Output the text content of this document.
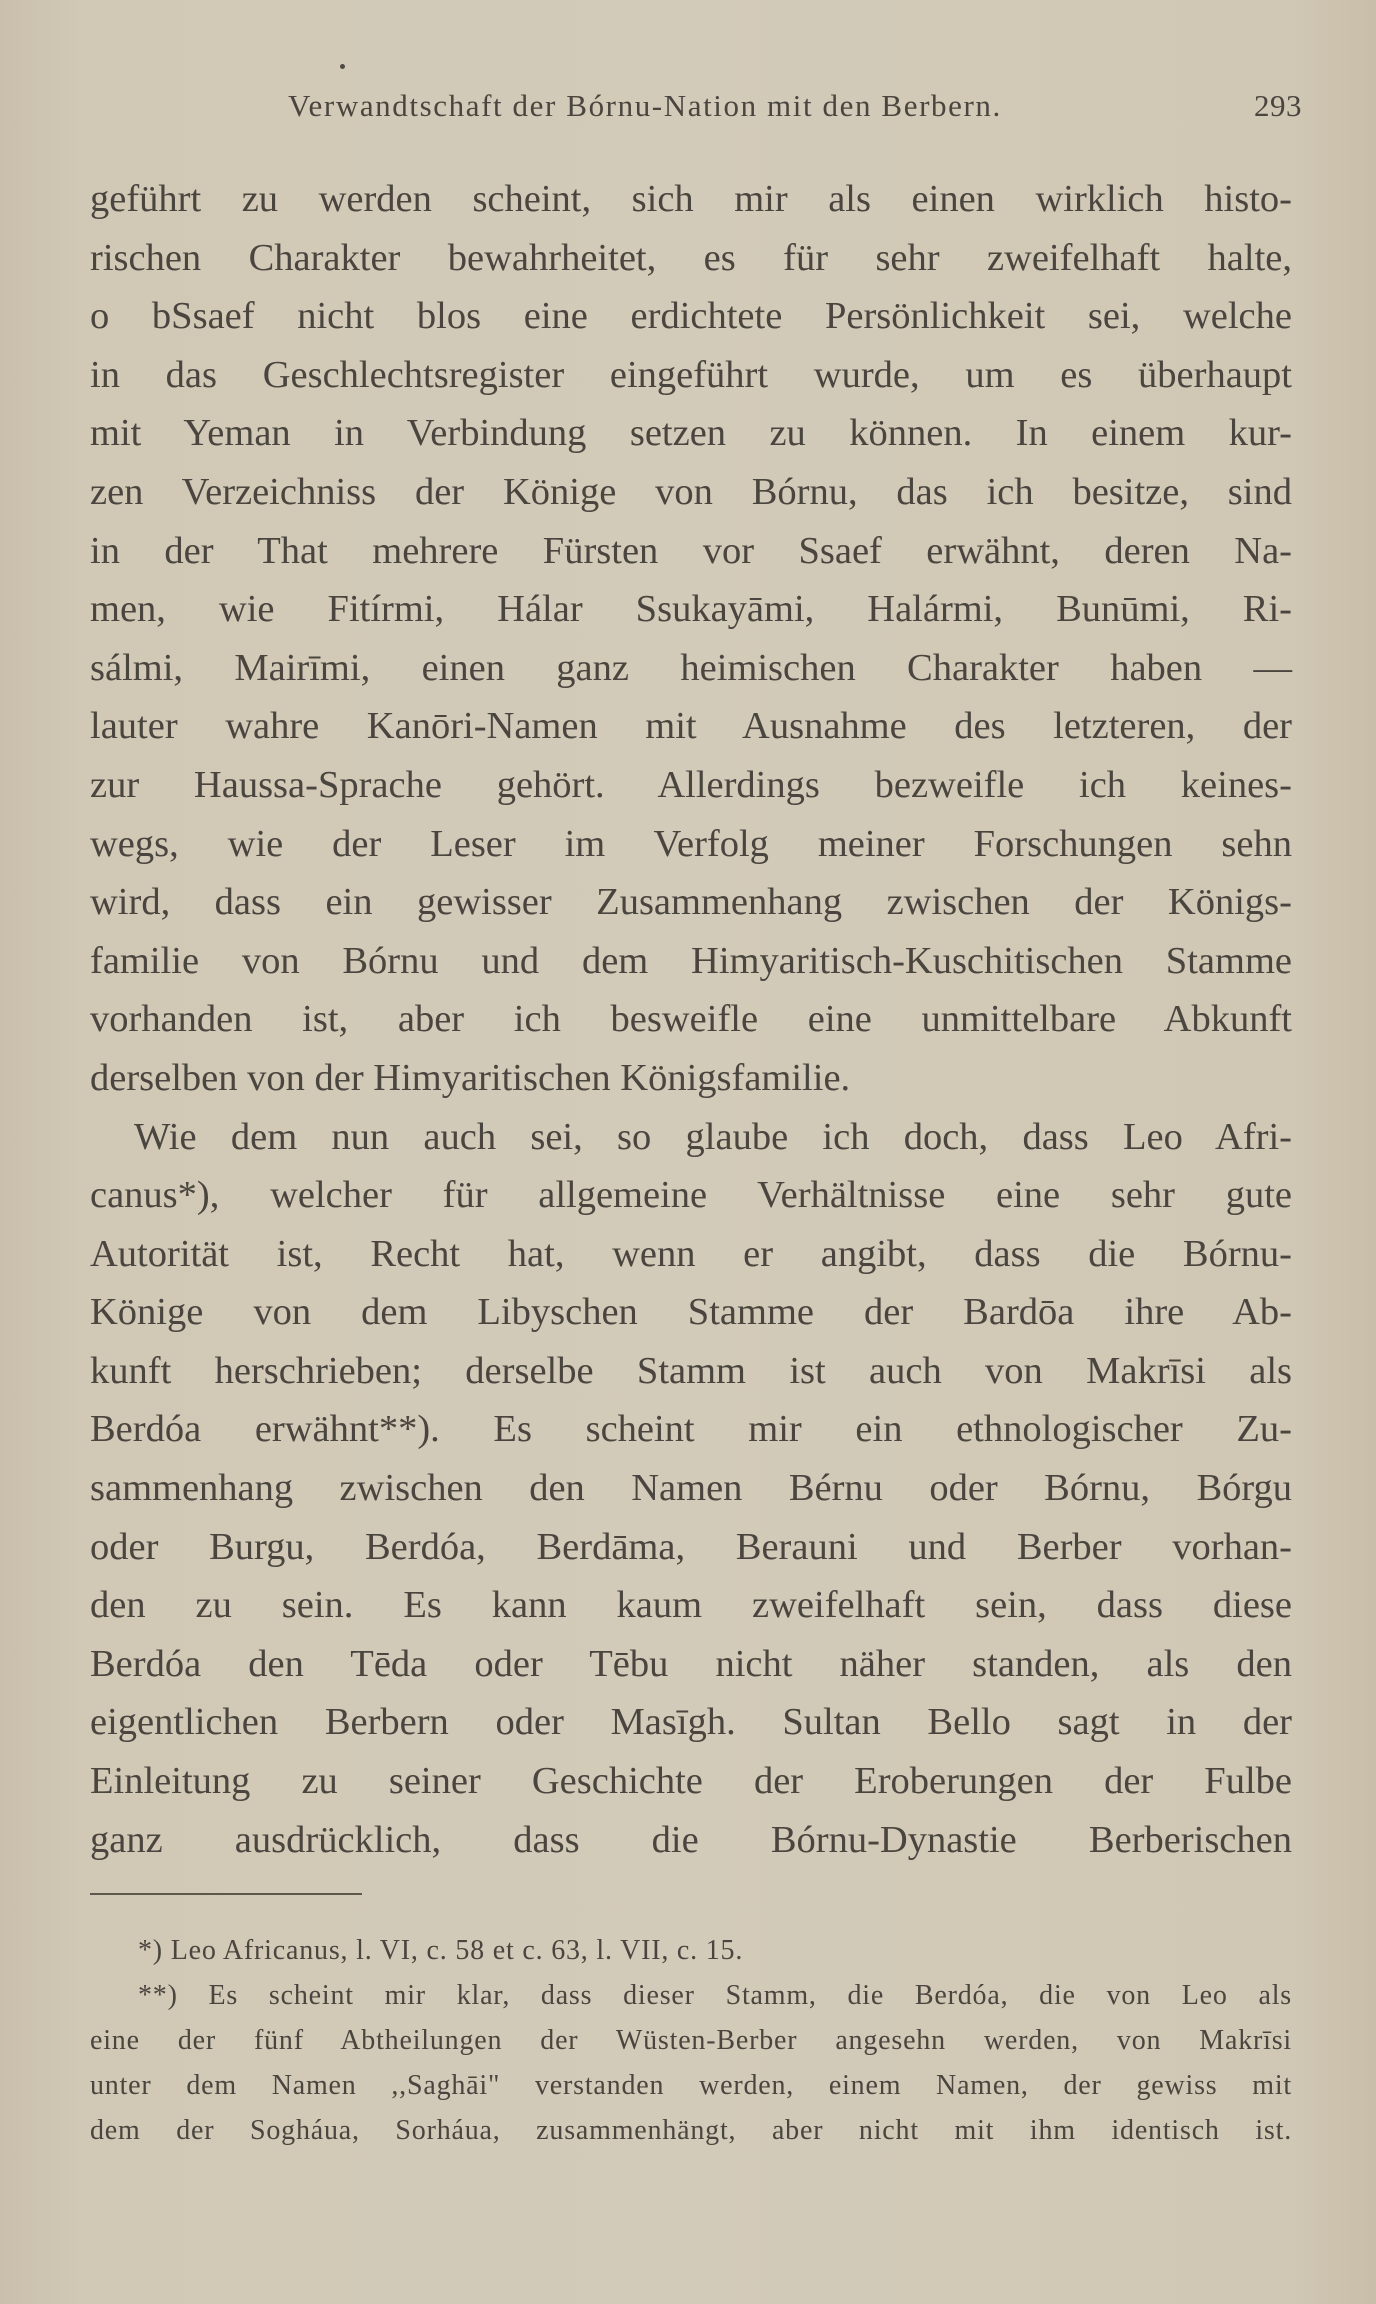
Verwandtschaft der Bórnu-Nation mit den Berbern.	293
geführt zu werden scheint, sich mir als einen wirklich histo-
rischen Charakter bewahrheitet, es für sehr zweifelhaft halte,
o bSsaef nicht blos eine erdichtete Persönlichkeit sei, welche
in das Geschlechtsregister eingeführt wurde, um es überhaupt
mit Yeman in Verbindung setzen zu können. In einem kur-
zen Verzeichniss der Könige von Bórnu, das ich besitze, sind
in der That mehrere Fürsten vor Ssaef erwähnt, deren Na-
men, wie Fitírmi, Hálar Ssukayāmi, Halármi, Bunūmi, Ri-
sálmi, Mairīmi, einen ganz heimischen Charakter haben —
lauter wahre Kanōri-Namen mit Ausnahme des letzteren, der
zur Haussa-Sprache gehört. Allerdings bezweifle ich keines-
wegs, wie der Leser im Verfolg meiner Forschungen sehn
wird, dass ein gewisser Zusammenhang zwischen der Königs-
familie von Bórnu und dem Himyaritisch-Kuschitischen Stamme
vorhanden ist, aber ich besweifle eine unmittelbare Abkunft
derselben von der Himyaritischen Königsfamilie.
Wie dem nun auch sei, so glaube ich doch, dass Leo Afri-
canus*), welcher für allgemeine Verhältnisse eine sehr gute
Autorität ist, Recht hat, wenn er angibt, dass die Bórnu-
Könige von dem Libyschen Stamme der Bardōa ihre Ab-
kunft herschrieben; derselbe Stamm ist auch von Makrīsi als
Berdóa erwähnt**). Es scheint mir ein ethnologischer Zu-
sammenhang zwischen den Namen Bérnu oder Bórnu, Bórgu
oder Burgu, Berdóa, Berdāma, Berauni und Berber vorhan-
den zu sein. Es kann kaum zweifelhaft sein, dass diese
Berdóa den Tēda oder Tēbu nicht näher standen, als den
eigentlichen Berbern oder Masīgh. Sultan Bello sagt in der
Einleitung zu seiner Geschichte der Eroberungen der Fulbe
ganz ausdrücklich, dass die Bórnu-Dynastie Berberischen
*) Leo Africanus, l. VI, c. 58 et c. 63, l. VII, c. 15.
**) Es scheint mir klar, dass dieser Stamm, die Berdóa, die von Leo als
eine der fünf Abtheilungen der Wüsten-Berber angesehn werden, von Makrīsi
unter dem Namen ,,Saghāi" verstanden werden, einem Namen, der gewiss mit
dem der Sogháua, Sorháua, zusammenhängt, aber nicht mit ihm identisch ist.
